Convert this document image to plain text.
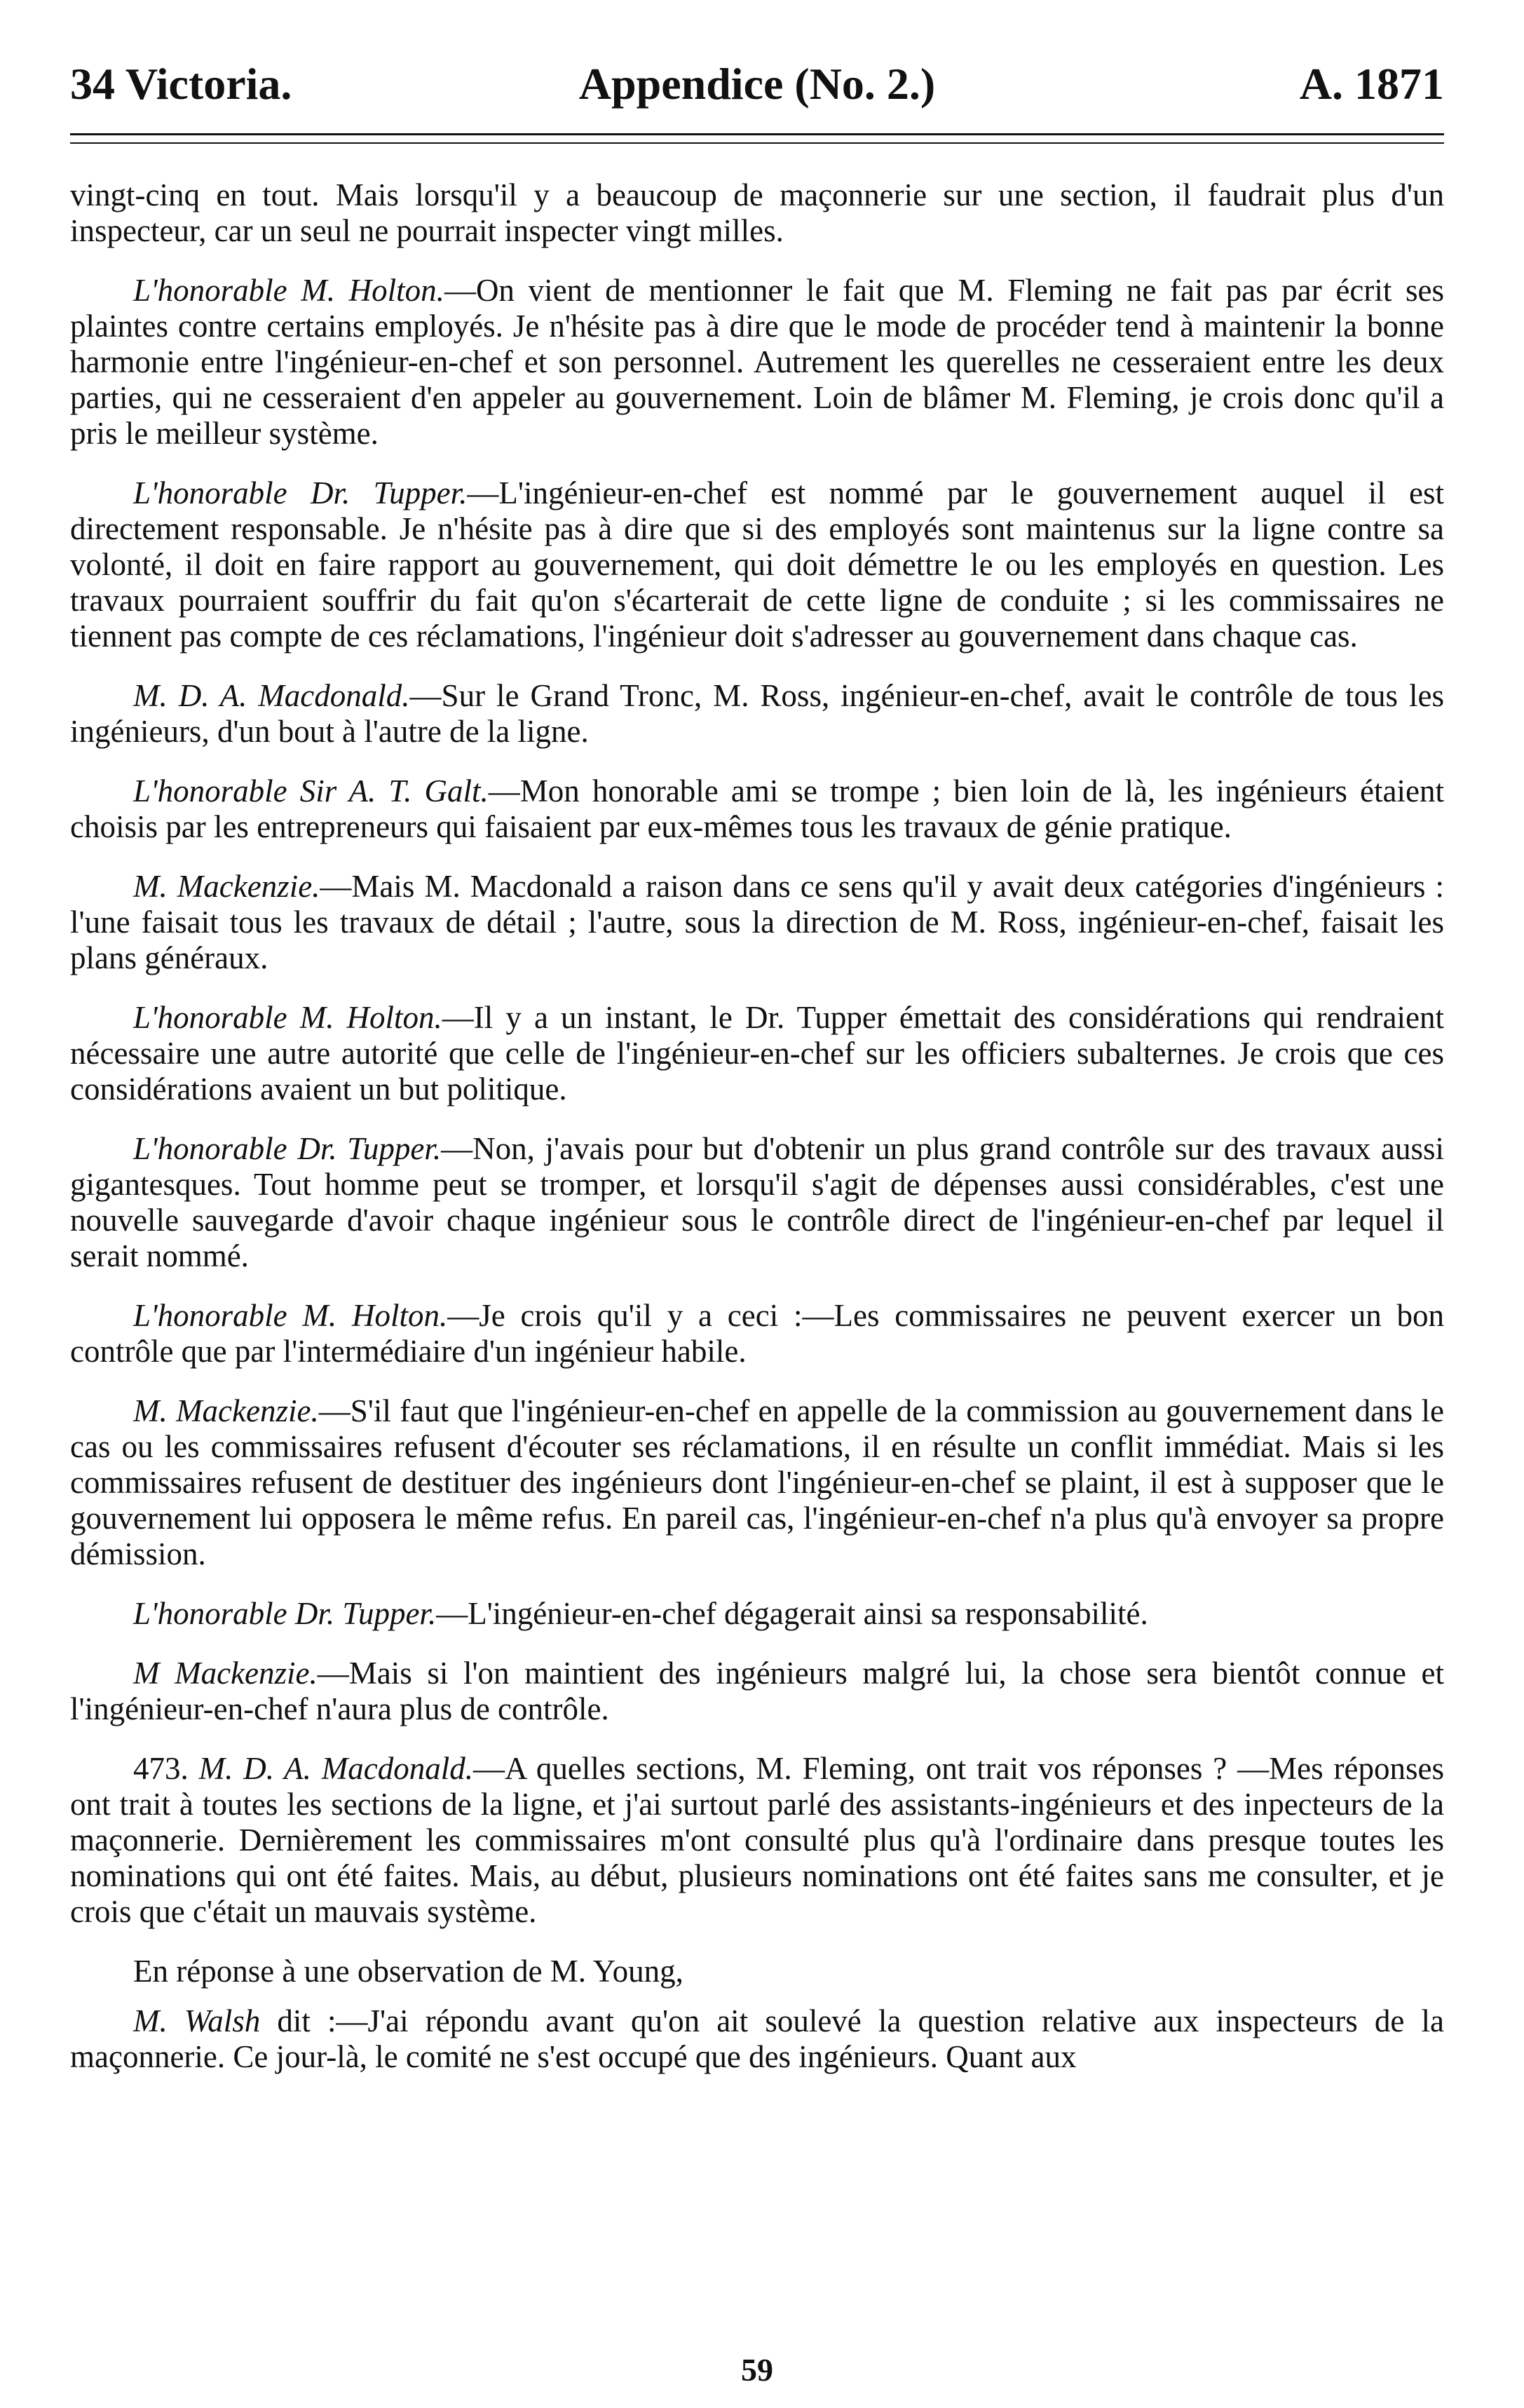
34 Victoria.	Appendice (No. 2.)	A. 1871

vingt-cinq en tout. Mais lorsqu'il y a beaucoup de maçonnerie sur une section, il faudrait plus d'un inspecteur, car un seul ne pourrait inspecter vingt milles.

L'honorable M. Holton.—On vient de mentionner le fait que M. Fleming ne fait pas par écrit ses plaintes contre certains employés. Je n'hésite pas à dire que le mode de procéder tend à maintenir la bonne harmonie entre l'ingénieur-en-chef et son personnel. Autrement les querelles ne cesseraient entre les deux parties, qui ne cesseraient d'en appeler au gouvernement. Loin de blâmer M. Fleming, je crois donc qu'il a pris le meilleur système.

L'honorable Dr. Tupper.—L'ingénieur-en-chef est nommé par le gouvernement auquel il est directement responsable. Je n'hésite pas à dire que si des employés sont maintenus sur la ligne contre sa volonté, il doit en faire rapport au gouvernement, qui doit démettre le ou les employés en question. Les travaux pourraient souffrir du fait qu'on s'écarterait de cette ligne de conduite ; si les commissaires ne tiennent pas compte de ces réclamations, l'ingénieur doit s'adresser au gouvernement dans chaque cas.

M. D. A. Macdonald.—Sur le Grand Tronc, M. Ross, ingénieur-en-chef, avait le contrôle de tous les ingénieurs, d'un bout à l'autre de la ligne.

L'honorable Sir A. T. Galt.—Mon honorable ami se trompe ; bien loin de là, les ingénieurs étaient choisis par les entrepreneurs qui faisaient par eux-mêmes tous les travaux de génie pratique.

M. Mackenzie.—Mais M. Macdonald a raison dans ce sens qu'il y avait deux catégories d'ingénieurs : l'une faisait tous les travaux de détail ; l'autre, sous la direction de M. Ross, ingénieur-en-chef, faisait les plans généraux.

L'honorable M. Holton.—Il y a un instant, le Dr. Tupper émettait des considérations qui rendraient nécessaire une autre autorité que celle de l'ingénieur-en-chef sur les officiers subalternes. Je crois que ces considérations avaient un but politique.

L'honorable Dr. Tupper.—Non, j'avais pour but d'obtenir un plus grand contrôle sur des travaux aussi gigantesques. Tout homme peut se tromper, et lorsqu'il s'agit de dépenses aussi considérables, c'est une nouvelle sauvegarde d'avoir chaque ingénieur sous le contrôle direct de l'ingénieur-en-chef par lequel il serait nommé.

L'honorable M. Holton.—Je crois qu'il y a ceci :—Les commissaires ne peuvent exercer un bon contrôle que par l'intermédiaire d'un ingénieur habile.

M. Mackenzie.—S'il faut que l'ingénieur-en-chef en appelle de la commission au gouvernement dans le cas ou les commissaires refusent d'écouter ses réclamations, il en résulte un conflit immédiat. Mais si les commissaires refusent de destituer des ingénieurs dont l'ingénieur-en-chef se plaint, il est à supposer que le gouvernement lui opposera le même refus. En pareil cas, l'ingénieur-en-chef n'a plus qu'à envoyer sa propre démission.

L'honorable Dr. Tupper.—L'ingénieur-en-chef dégagerait ainsi sa responsabilité.

M Mackenzie.—Mais si l'on maintient des ingénieurs malgré lui, la chose sera bientôt connue et l'ingénieur-en-chef n'aura plus de contrôle.

473. M. D. A. Macdonald.—A quelles sections, M. Fleming, ont trait vos réponses ? —Mes réponses ont trait à toutes les sections de la ligne, et j'ai surtout parlé des assistants-ingénieurs et des inpecteurs de la maçonnerie. Dernièrement les commissaires m'ont consulté plus qu'à l'ordinaire dans presque toutes les nominations qui ont été faites. Mais, au début, plusieurs nominations ont été faites sans me consulter, et je crois que c'était un mauvais système.

En réponse à une observation de M. Young,

M. Walsh dit :—J'ai répondu avant qu'on ait soulevé la question relative aux inspecteurs de la maçonnerie. Ce jour-là, le comité ne s'est occupé que des ingénieurs. Quant aux

59
